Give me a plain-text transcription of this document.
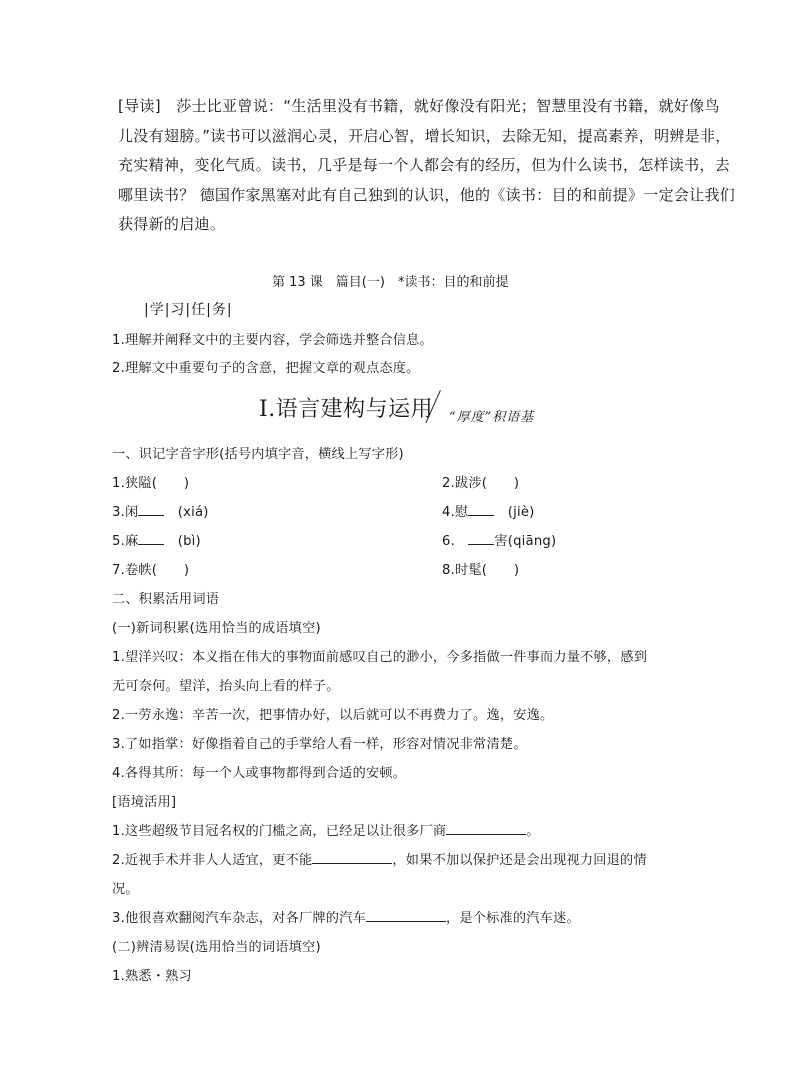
[导读]　莎士比亚曾说：“生活里没有书籍，就好像没有阳光；智慧里没有书籍，就好像鸟
儿没有翅膀。”读书可以滋润心灵，开启心智，增长知识，去除无知，提高素养，明辨是非，
充实精神，变化气质。读书，几乎是每一个人都会有的经历，但为什么读书，怎样读书，去
哪里读书？ 德国作家黑塞对此有自己独到的认识，他的《读书：目的和前提》一定会让我们
获得新的启迪。
第 13 课　篇目(一)　*读书：目的和前提
|学|习|任|务|
1.理解并阐释文中的主要内容，学会筛选并整合信息。
2.理解文中重要句子的含意，把握文章的观点态度。
Ⅰ.语言建构与运用 “厚度”积语基
一、识记字音字形(括号内填字音，横线上写字形)
1.狭隘(　　)	2.跋涉(　　)
3.闲　(xiá)	4.慰　(jiè)
5.麻　(bì)	6.　害(qiāng)
7.卷帙(　　)	8.时髦(　　)
二、积累活用词语
(一)新词积累(选用恰当的成语填空)
1.望洋兴叹：本义指在伟大的事物面前感叹自己的渺小，今多指做一件事而力量不够，感到
无可奈何。望洋，抬头向上看的样子。
2.一劳永逸：辛苦一次，把事情办好，以后就可以不再费力了。逸，安逸。
3.了如指掌：好像指着自己的手掌给人看一样，形容对情况非常清楚。
4.各得其所：每一个人或事物都得到合适的安顿。
[语境活用]
1.这些超级节目冠名权的门槛之高，已经足以让很多厂商	。
2.近视手术并非人人适宜，更不能	，如果不加以保护还是会出现视力回退的情
况。
3.他很喜欢翻阅汽车杂志，对各厂牌的汽车	，是个标准的汽车迷。
(二)辨清易误(选用恰当的词语填空)
1.熟悉・熟习
